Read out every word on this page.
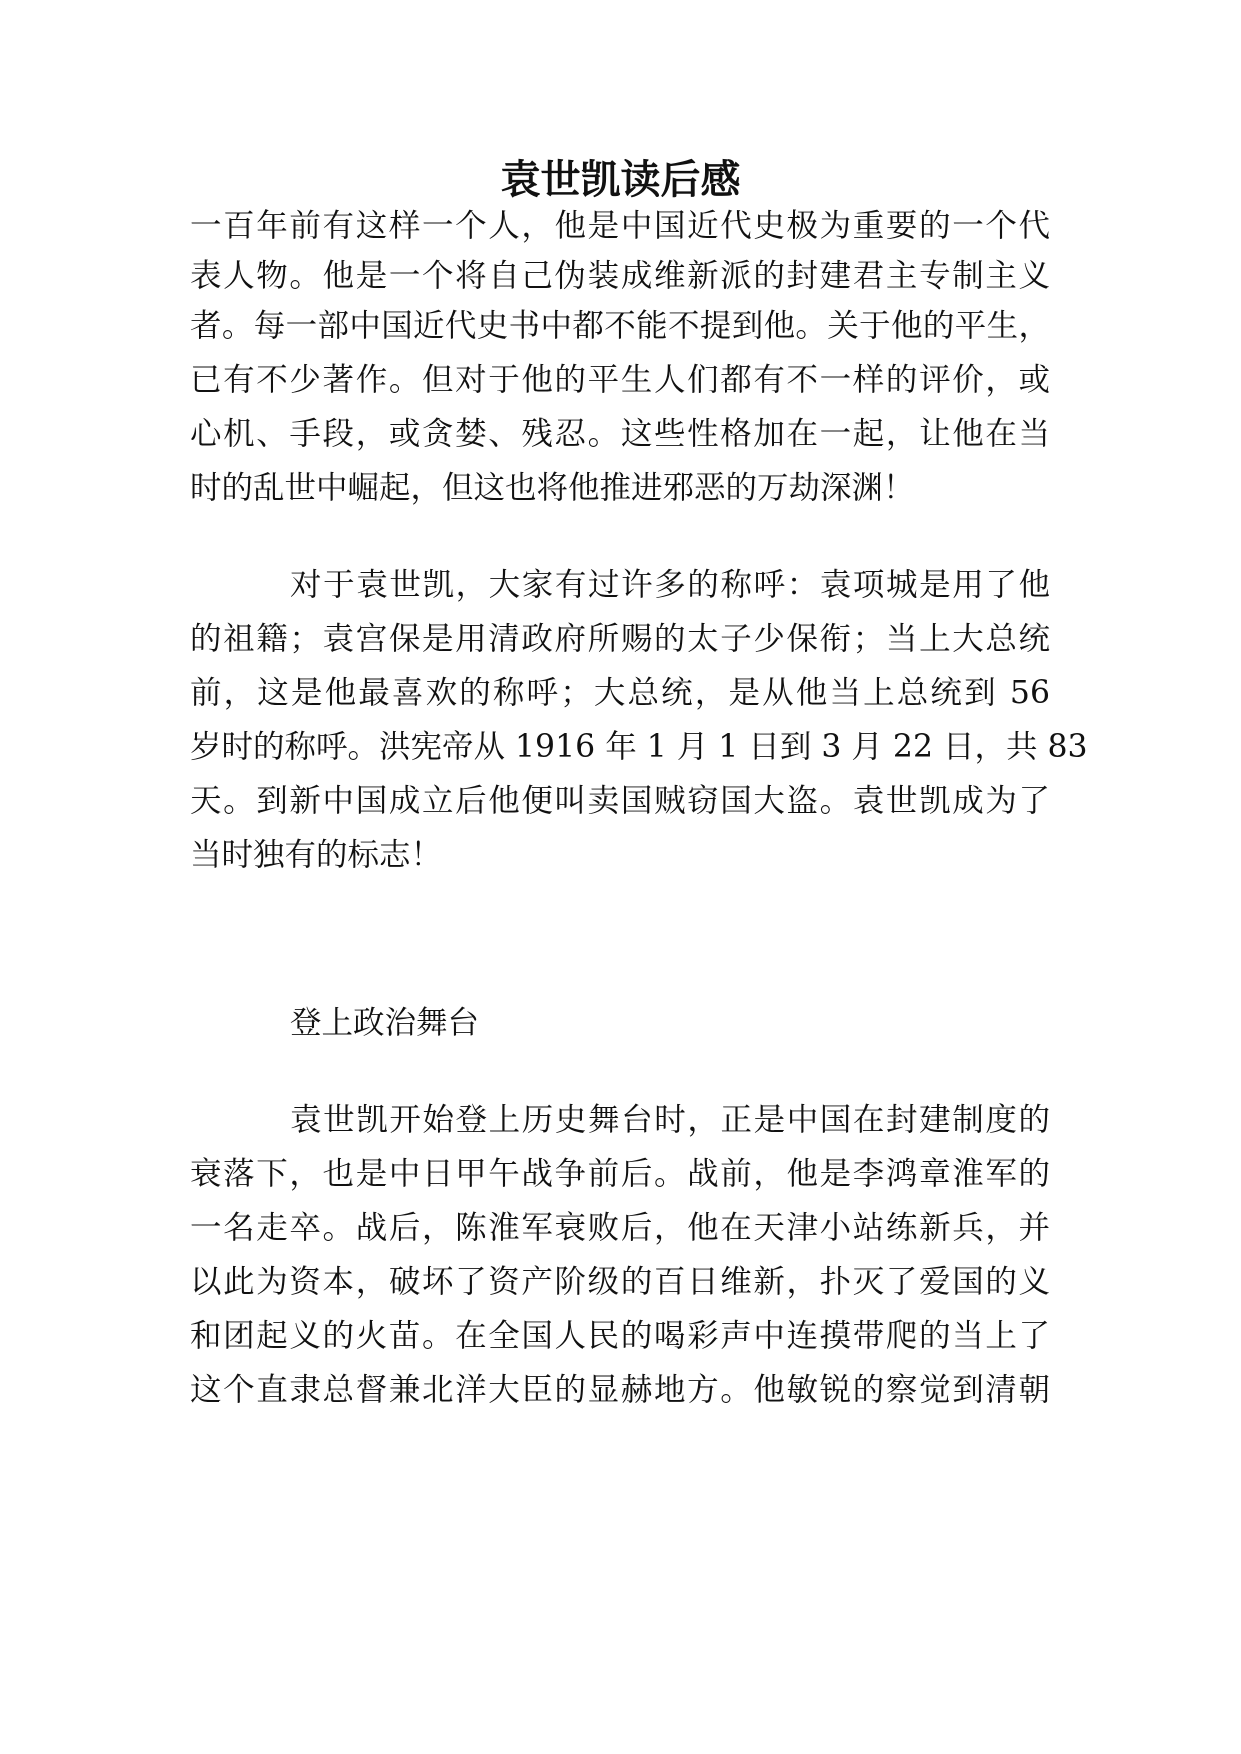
袁世凯读后感
一百年前有这样一个人，他是中国近代史极为重要的一个代
表人物。他是一个将自己伪装成维新派的封建君主专制主义
者。每一部中国近代史书中都不能不提到他。关于他的平生，
已有不少著作。但对于他的平生人们都有不一样的评价，或
心机、手段，或贪婪、残忍。这些性格加在一起，让他在当
时的乱世中崛起，但这也将他推进邪恶的万劫深渊！
对于袁世凯，大家有过许多的称呼：袁项城是用了他
的祖籍；袁宫保是用清政府所赐的太子少保衔；当上大总统
前，这是他最喜欢的称呼；大总统，是从他当上总统到 56
岁时的称呼。洪宪帝从 1916 年 1 月 1 日到 3 月 22 日，共 83
天。到新中国成立后他便叫卖国贼窃国大盗。袁世凯成为了
当时独有的标志！
登上政治舞台
袁世凯开始登上历史舞台时，正是中国在封建制度的
衰落下，也是中日甲午战争前后。战前，他是李鸿章淮军的
一名走卒。战后，陈淮军衰败后，他在天津小站练新兵，并
以此为资本，破坏了资产阶级的百日维新，扑灭了爱国的义
和团起义的火苗。在全国人民的喝彩声中连摸带爬的当上了
这个直隶总督兼北洋大臣的显赫地方。他敏锐的察觉到清朝
